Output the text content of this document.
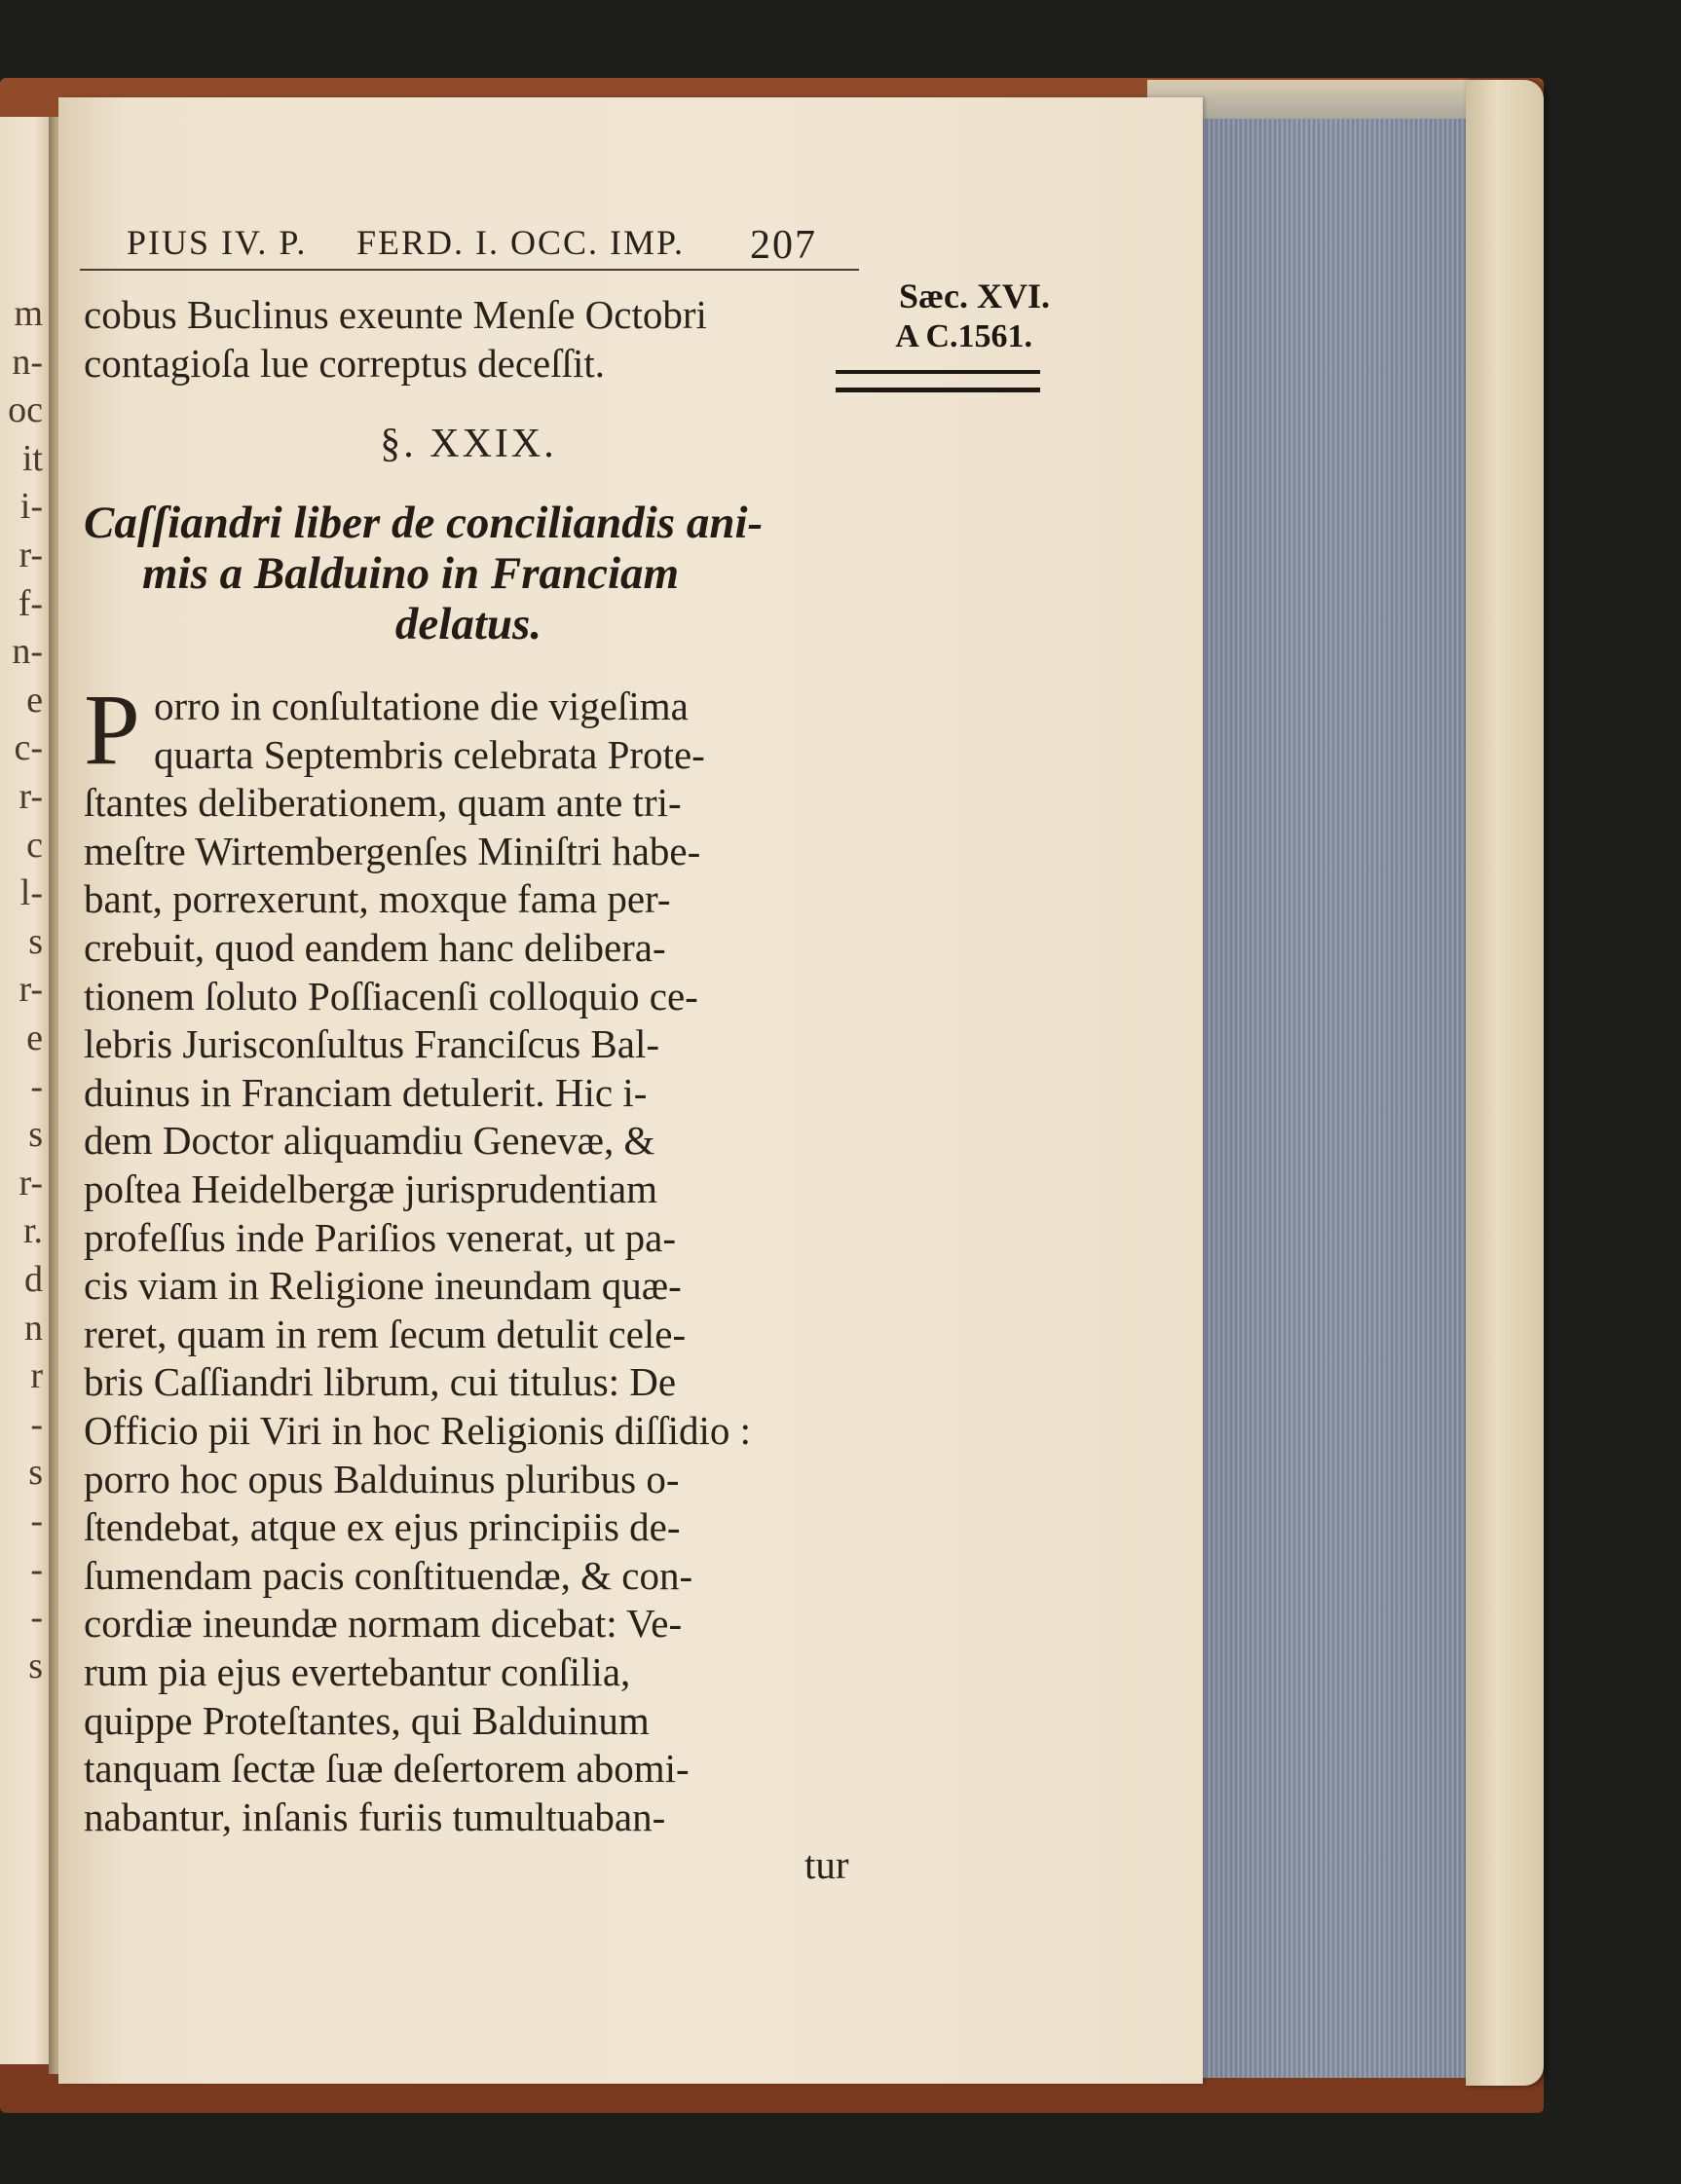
m
n-
oc
it
i-
r-
f-
n-
e
c-
r-
c
l-
s
r-
e
-
s
r-
r.
d
n
r
-
s
-
-
-
s
PIUS IV. P. FERD. I. OCC. IMP. 207
Sæc. XVI.
A C.1561.
cobus Buclinus exeunte Menſe Octobri
contagioſa lue correptus deceſſit.
§. XXIX.
Caſſiandri liber de conciliandis ani-
mis a Balduino in Franciam
delatus.
P orro in conſultatione die vigeſima
quarta Septembris celebrata Prote-
ſtantes deliberationem, quam ante tri-
meſtre Wirtembergenſes Miniſtri habe-
bant, porrexerunt, moxque fama per-
crebuit, quod eandem hanc delibera-
tionem ſoluto Poſſiacenſi colloquio ce-
lebris Jurisconſultus Franciſcus Bal-
duinus in Franciam detulerit. Hic i-
dem Doctor aliquamdiu Genevæ, &
poſtea Heidelbergæ jurisprudentiam
profeſſus inde Pariſios venerat, ut pa-
cis viam in Religione ineundam quæ-
reret, quam in rem ſecum detulit cele-
bris Caſſiandri librum, cui titulus: De
Officio pii Viri in hoc Religionis diſſidio :
porro hoc opus Balduinus pluribus o-
ſtendebat, atque ex ejus principiis de-
ſumendam pacis conſtituendæ, & con-
cordiæ ineundæ normam dicebat: Ve-
rum pia ejus evertebantur conſilia,
quippe Proteſtantes, qui Balduinum
tanquam ſectæ ſuæ deſertorem abomi-
nabantur, inſanis furiis tumultuaban-
tur
